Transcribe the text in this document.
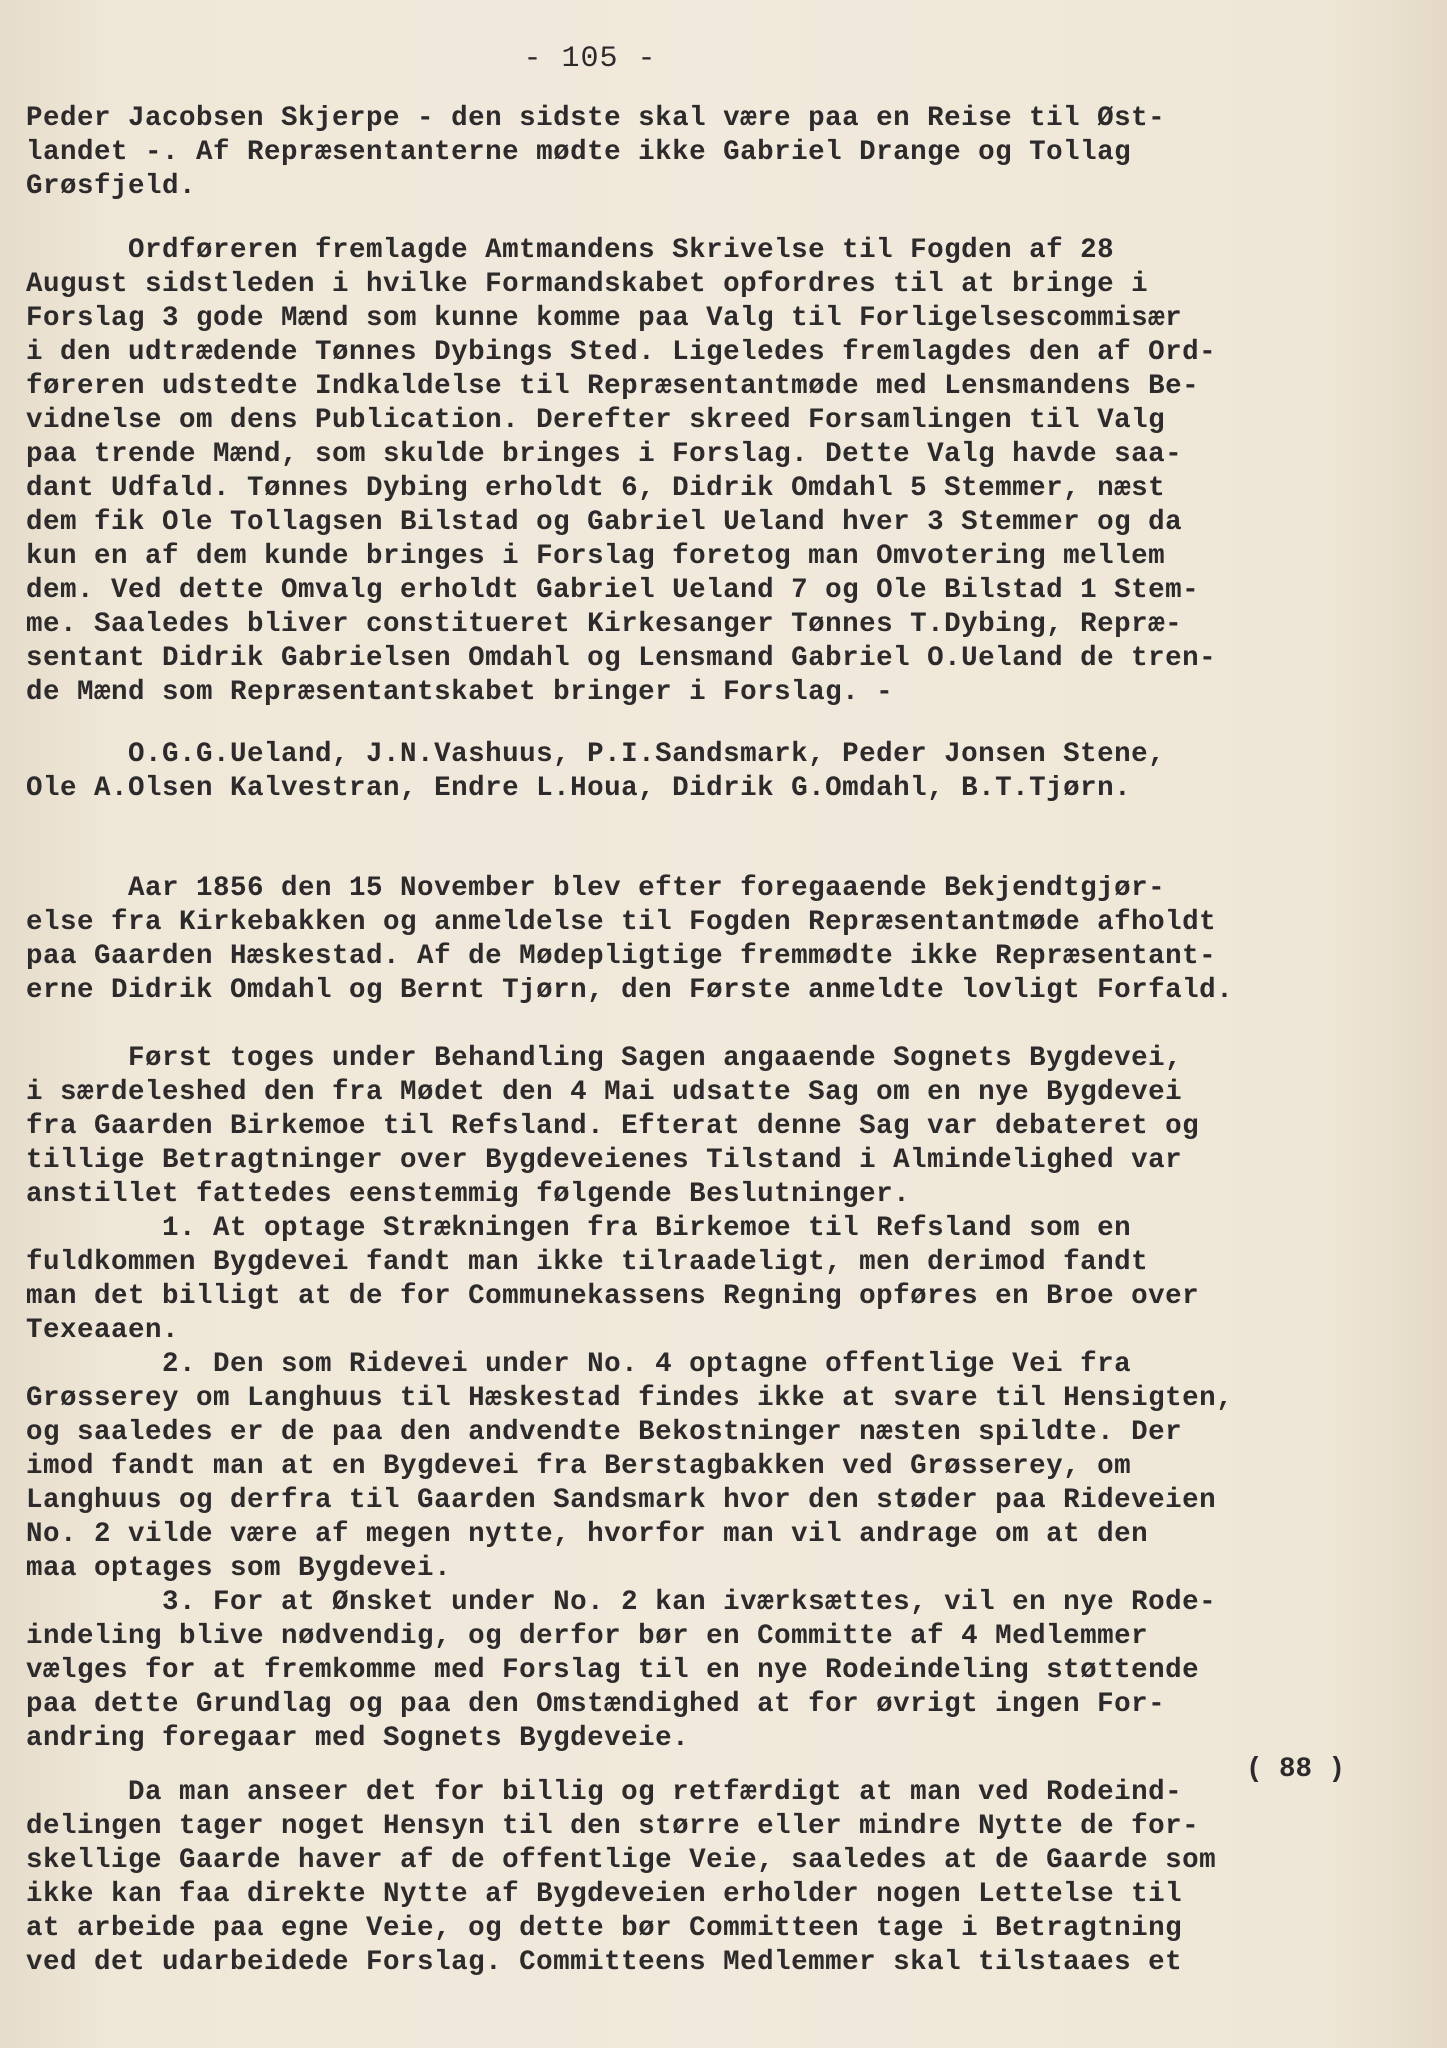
- 105 -
Peder Jacobsen Skjerpe - den sidste skal være paa en Reise til Øst-
landet -. Af Repræsentanterne mødte ikke Gabriel Drange og Tollag
Grøsfjeld.
Ordføreren fremlagde Amtmandens Skrivelse til Fogden af 28
August sidstleden i hvilke Formandskabet opfordres til at bringe i
Forslag 3 gode Mænd som kunne komme paa Valg til Forligelsescommisær
i den udtrædende Tønnes Dybings Sted. Ligeledes fremlagdes den af Ord-
føreren udstedte Indkaldelse til Repræsentantmøde med Lensmandens Be-
vidnelse om dens Publication. Derefter skreed Forsamlingen til Valg
paa trende Mænd, som skulde bringes i Forslag. Dette Valg havde saa-
dant Udfald. Tønnes Dybing erholdt 6, Didrik Omdahl 5 Stemmer, næst
dem fik Ole Tollagsen Bilstad og Gabriel Ueland hver 3 Stemmer og da
kun en af dem kunde bringes i Forslag foretog man Omvotering mellem
dem. Ved dette Omvalg erholdt Gabriel Ueland 7 og Ole Bilstad 1 Stem-
me. Saaledes bliver constitueret Kirkesanger Tønnes T.Dybing, Repræ-
sentant Didrik Gabrielsen Omdahl og Lensmand Gabriel O.Ueland de tren-
de Mænd som Repræsentantskabet bringer i Forslag. -
O.G.G.Ueland, J.N.Vashuus, P.I.Sandsmark, Peder Jonsen Stene,
Ole A.Olsen Kalvestran, Endre L.Houa, Didrik G.Omdahl, B.T.Tjørn.
Aar 1856 den 15 November blev efter foregaaende Bekjendtgjør-
else fra Kirkebakken og anmeldelse til Fogden Repræsentantmøde afholdt
paa Gaarden Hæskestad. Af de Mødepligtige fremmødte ikke Repræsentant-
erne Didrik Omdahl og Bernt Tjørn, den Første anmeldte lovligt Forfald.
Først toges under Behandling Sagen angaaende Sognets Bygdevei,
i særdeleshed den fra Mødet den 4 Mai udsatte Sag om en nye Bygdevei
fra Gaarden Birkemoe til Refsland. Efterat denne Sag var debateret og
tillige Betragtninger over Bygdeveienes Tilstand i Almindelighed var
anstillet fattedes eenstemmig følgende Beslutninger.
1. At optage Strækningen fra Birkemoe til Refsland som en
fuldkommen Bygdevei fandt man ikke tilraadeligt, men derimod fandt
man det billigt at de for Communekassens Regning opføres en Broe over
Texeaaen.
2. Den som Ridevei under No. 4 optagne offentlige Vei fra
Grøsserey om Langhuus til Hæskestad findes ikke at svare til Hensigten,
og saaledes er de paa den andvendte Bekostninger næsten spildte. Der
imod fandt man at en Bygdevei fra Berstagbakken ved Grøsserey, om
Langhuus og derfra til Gaarden Sandsmark hvor den støder paa Rideveien
No. 2 vilde være af megen nytte, hvorfor man vil andrage om at den
maa optages som Bygdevei.
3. For at Ønsket under No. 2 kan iværksættes, vil en nye Rode-
indeling blive nødvendig, og derfor bør en Committe af 4 Medlemmer
vælges for at fremkomme med Forslag til en nye Rodeindeling støttende
paa dette Grundlag og paa den Omstændighed at for øvrigt ingen For-
andring foregaar med Sognets Bygdeveie.
( 88 )
Da man anseer det for billig og retfærdigt at man ved Rodeind-
delingen tager noget Hensyn til den større eller mindre Nytte de for-
skellige Gaarde haver af de offentlige Veie, saaledes at de Gaarde som
ikke kan faa direkte Nytte af Bygdeveien erholder nogen Lettelse til
at arbeide paa egne Veie, og dette bør Committeen tage i Betragtning
ved det udarbeidede Forslag. Committeens Medlemmer skal tilstaaes et
